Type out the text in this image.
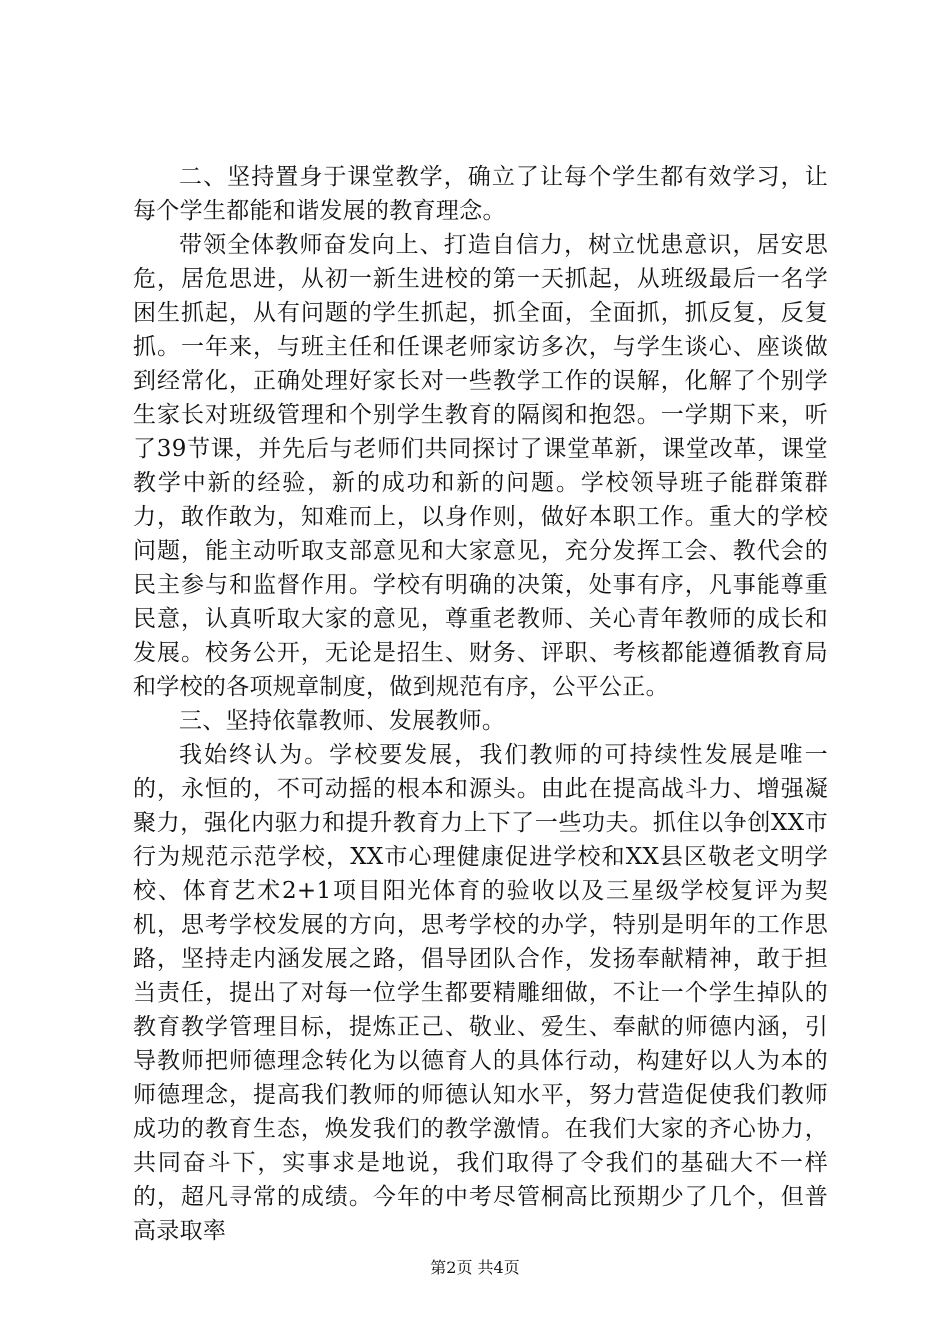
二、坚持置身于课堂教学，确立了让每个学生都有效学习，让每个学生都能和谐发展的教育理念。

带领全体教师奋发向上、打造自信力，树立忧患意识，居安思危，居危思进，从初一新生进校的第一天抓起，从班级最后一名学困生抓起，从有问题的学生抓起，抓全面，全面抓，抓反复，反复抓。一年来，与班主任和任课老师家访多次，与学生谈心、座谈做到经常化，正确处理好家长对一些教学工作的误解，化解了个别学生家长对班级管理和个别学生教育的隔阂和抱怨。一学期下来，听了39节课，并先后与老师们共同探讨了课堂革新，课堂改革，课堂教学中新的经验，新的成功和新的问题。学校领导班子能群策群力，敢作敢为，知难而上，以身作则，做好本职工作。重大的学校问题，能主动听取支部意见和大家意见，充分发挥工会、教代会的民主参与和监督作用。学校有明确的决策，处事有序，凡事能尊重民意，认真听取大家的意见，尊重老教师、关心青年教师的成长和发展。校务公开，无论是招生、财务、评职、考核都能遵循教育局和学校的各项规章制度，做到规范有序，公平公正。

三、坚持依靠教师、发展教师。

我始终认为。学校要发展，我们教师的可持续性发展是唯一的，永恒的，不可动摇的根本和源头。由此在提高战斗力、增强凝聚力，强化内驱力和提升教育力上下了一些功夫。抓住以争创XX市行为规范示范学校，XX市心理健康促进学校和XX县区敬老文明学校、体育艺术2+1项目阳光体育的验收以及三星级学校复评为契机，思考学校发展的方向，思考学校的办学，特别是明年的工作思路，坚持走内涵发展之路，倡导团队合作，发扬奉献精神，敢于担当责任，提出了对每一位学生都要精雕细做，不让一个学生掉队的教育教学管理目标，提炼正己、敬业、爱生、奉献的师德内涵，引导教师把师德理念转化为以德育人的具体行动，构建好以人为本的师德理念，提高我们教师的师德认知水平，努力营造促使我们教师成功的教育生态，焕发我们的教学激情。在我们大家的齐心协力，共同奋斗下，实事求是地说，我们取得了令我们的基础大不一样的，超凡寻常的成绩。今年的中考尽管桐高比预期少了几个，但普高录取率

第2页 共4页
